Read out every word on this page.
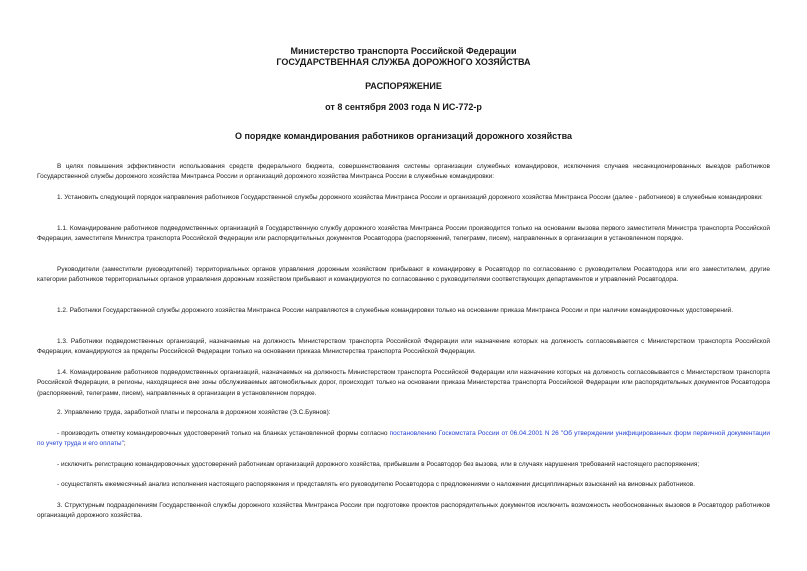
Министерство транспорта Российской Федерации
ГОСУДАРСТВЕННАЯ СЛУЖБА ДОРОЖНОГО ХОЗЯЙСТВА
РАСПОРЯЖЕНИЕ
от 8 сентября 2003 года N ИС-772-р
О порядке командирования работников организаций дорожного хозяйства

В целях повышения эффективности использования средств федерального бюджета, совершенствования системы организации служебных командировок, исключения случаев несанкционированных выездов работников Государственной службы дорожного хозяйства Минтранса России и организаций дорожного хозяйства Минтранса России в служебные командировки:

1. Установить следующий порядок направления работников Государственной службы дорожного хозяйства Минтранса России и организаций дорожного хозяйства Минтранса России (далее - работников) в служебные командировки:

1.1. Командирование работников подведомственных организаций в Государственную службу дорожного хозяйства Минтранса России производится только на основании вызова первого заместителя Министра транспорта Российской Федерации, заместителя Министра транспорта Российской Федерации или распорядительных документов Росавтодора (распоряжений, телеграмм, писем), направленных в организации в установленном порядке.

Руководители (заместители руководителей) территориальных органов управления дорожным хозяйством прибывают в командировку в Росавтодор по согласованию с руководителем Росавтодора или его заместителем, другие категории работников территориальных органов управления дорожным хозяйством прибывают и командируются по согласованию с руководителями соответствующих департаментов и управлений Росавтодора.

1.2. Работники Государственной службы дорожного хозяйства Минтранса России направляются в служебные командировки только на основании приказа Минтранса России и при наличии командировочных удостоверений.

1.3. Работники подведомственных организаций, назначаемые на должность Министерством транспорта Российской Федерации или назначение которых на должность согласовывается с Министерством транспорта Российской Федерации, командируются за пределы Российской Федерации только на основании приказа Министерства транспорта Российской Федерации.

1.4. Командирование работников подведомственных организаций, назначаемых на должность Министерством транспорта Российской Федерации или назначение которых на должность согласовывается с Министерством транспорта Российской Федерации, в регионы, находящиеся вне зоны обслуживаемых автомобильных дорог, происходит только на основании приказа Министерства транспорта Российской Федерации или распорядительных документов Росавтодора (распоряжений, телеграмм, писем), направленных в организации в установленном порядке.

2. Управлению труда, заработной платы и персонала в дорожном хозяйстве (Э.С.Буянов):

- производить отметку командировочных удостоверений только на бланках установленной формы согласно постановлению Госкомстата России от 06.04.2001 N 26 "Об утверждении унифицированных форм первичной документации по учету труда и его оплаты";

- исключить регистрацию командировочных удостоверений работникам организаций дорожного хозяйства, прибывшим в Росавтодор без вызова, или в случаях нарушения требований настоящего распоряжения;

- осуществлять ежемесячный анализ исполнения настоящего распоряжения и представлять его руководителю Росавтодора с предложениями о наложении дисциплинарных взысканий на виновных работников.

3. Структурным подразделениям Государственной службы дорожного хозяйства Минтранса России при подготовке проектов распорядительных документов исключить возможность необоснованных вызовов в Росавтодор работников организаций дорожного хозяйства.
